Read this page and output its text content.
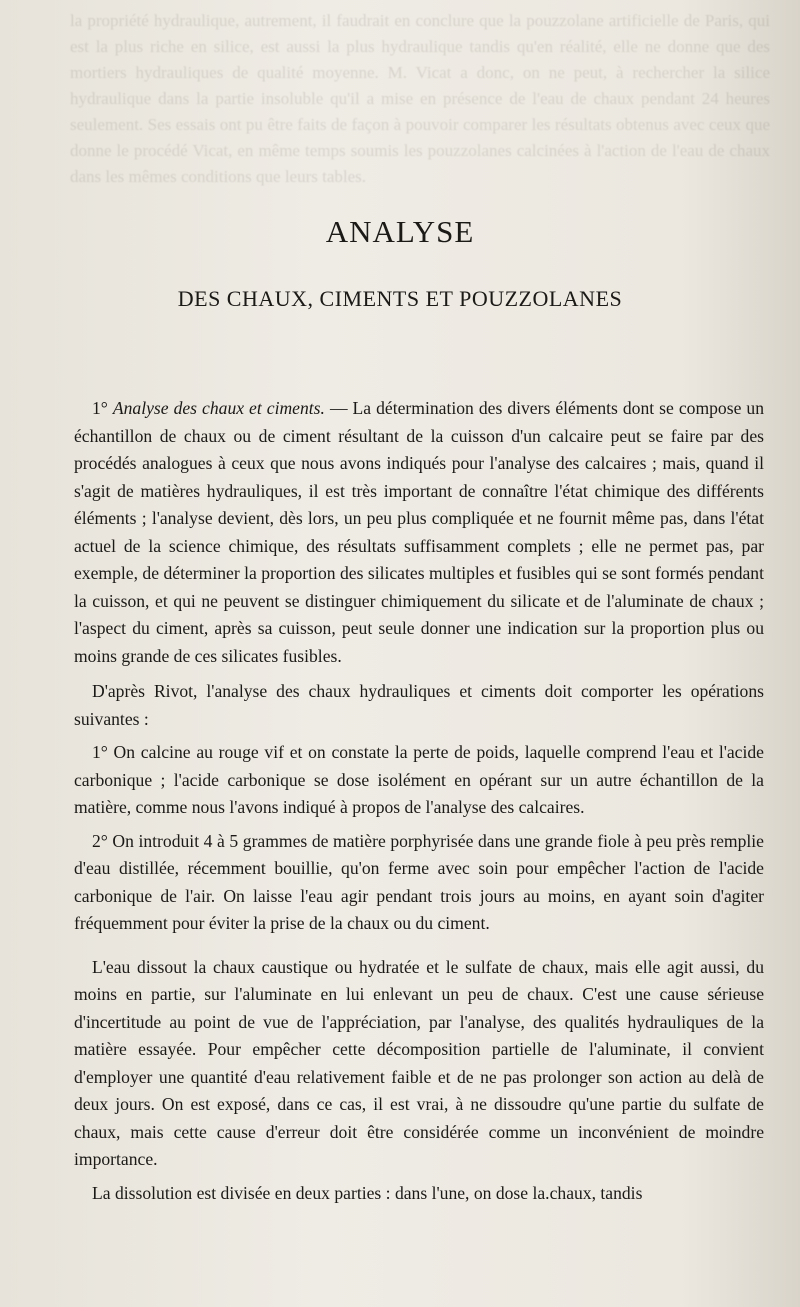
la propriété hydraulique, autrement, il faudrait en conclure que la pouzzolane artificielle de Paris, qui est la plus riche en silice, est aussi la plus hydraulique tandis qu'en réalité, elle ne donne que des mortiers hydrauliques de qualité moyenne. M. Vicat a donc, on ne peut, à rechercher la silice hydraulique dans la partie insoluble qu'il a mise en présence de l'eau de chaux pendant 24 heures seulement. Ses essais ont pu être faits de façon à pouvoir comparer les résultats obtenus avec ceux que donne le procédé Vicat, en même temps soumis les pouzzolanes calcinées à l'action de l'eau de chaux dans les mêmes conditions que leurs tables.
ANALYSE
DES CHAUX, CIMENTS ET POUZZOLANES

1° Analyse des chaux et ciments. — La détermination des divers éléments dont se compose un échantillon de chaux ou de ciment résultant de la cuisson d'un calcaire peut se faire par des procédés analogues à ceux que nous avons indiqués pour l'analyse des calcaires ; mais, quand il s'agit de matières hydrauliques, il est très important de connaître l'état chimique des différents éléments ; l'analyse devient, dès lors, un peu plus compliquée et ne fournit même pas, dans l'état actuel de la science chimique, des résultats suffisamment complets ; elle ne permet pas, par exemple, de déterminer la proportion des silicates multiples et fusibles qui se sont formés pendant la cuisson, et qui ne peuvent se distinguer chimiquement du silicate et de l'aluminate de chaux ; l'aspect du ciment, après sa cuisson, peut seule donner une indication sur la proportion plus ou moins grande de ces silicates fusibles.

D'après Rivot, l'analyse des chaux hydrauliques et ciments doit comporter les opérations suivantes :

1° On calcine au rouge vif et on constate la perte de poids, laquelle comprend l'eau et l'acide carbonique ; l'acide carbonique se dose isolément en opérant sur un autre échantillon de la matière, comme nous l'avons indiqué à propos de l'analyse des calcaires.

2° On introduit 4 à 5 grammes de matière porphyrisée dans une grande fiole à peu près remplie d'eau distillée, récemment bouillie, qu'on ferme avec soin pour empêcher l'action de l'acide carbonique de l'air. On laisse l'eau agir pendant trois jours au moins, en ayant soin d'agiter fréquemment pour éviter la prise de la chaux ou du ciment.

L'eau dissout la chaux caustique ou hydratée et le sulfate de chaux, mais elle agit aussi, du moins en partie, sur l'aluminate en lui enlevant un peu de chaux. C'est une cause sérieuse d'incertitude au point de vue de l'appréciation, par l'analyse, des qualités hydrauliques de la matière essayée. Pour empêcher cette décomposition partielle de l'aluminate, il convient d'employer une quantité d'eau relativement faible et de ne pas prolonger son action au delà de deux jours. On est exposé, dans ce cas, il est vrai, à ne dissoudre qu'une partie du sulfate de chaux, mais cette cause d'erreur doit être considérée comme un inconvénient de moindre importance.

La dissolution est divisée en deux parties : dans l'une, on dose la.chaux, tandis
